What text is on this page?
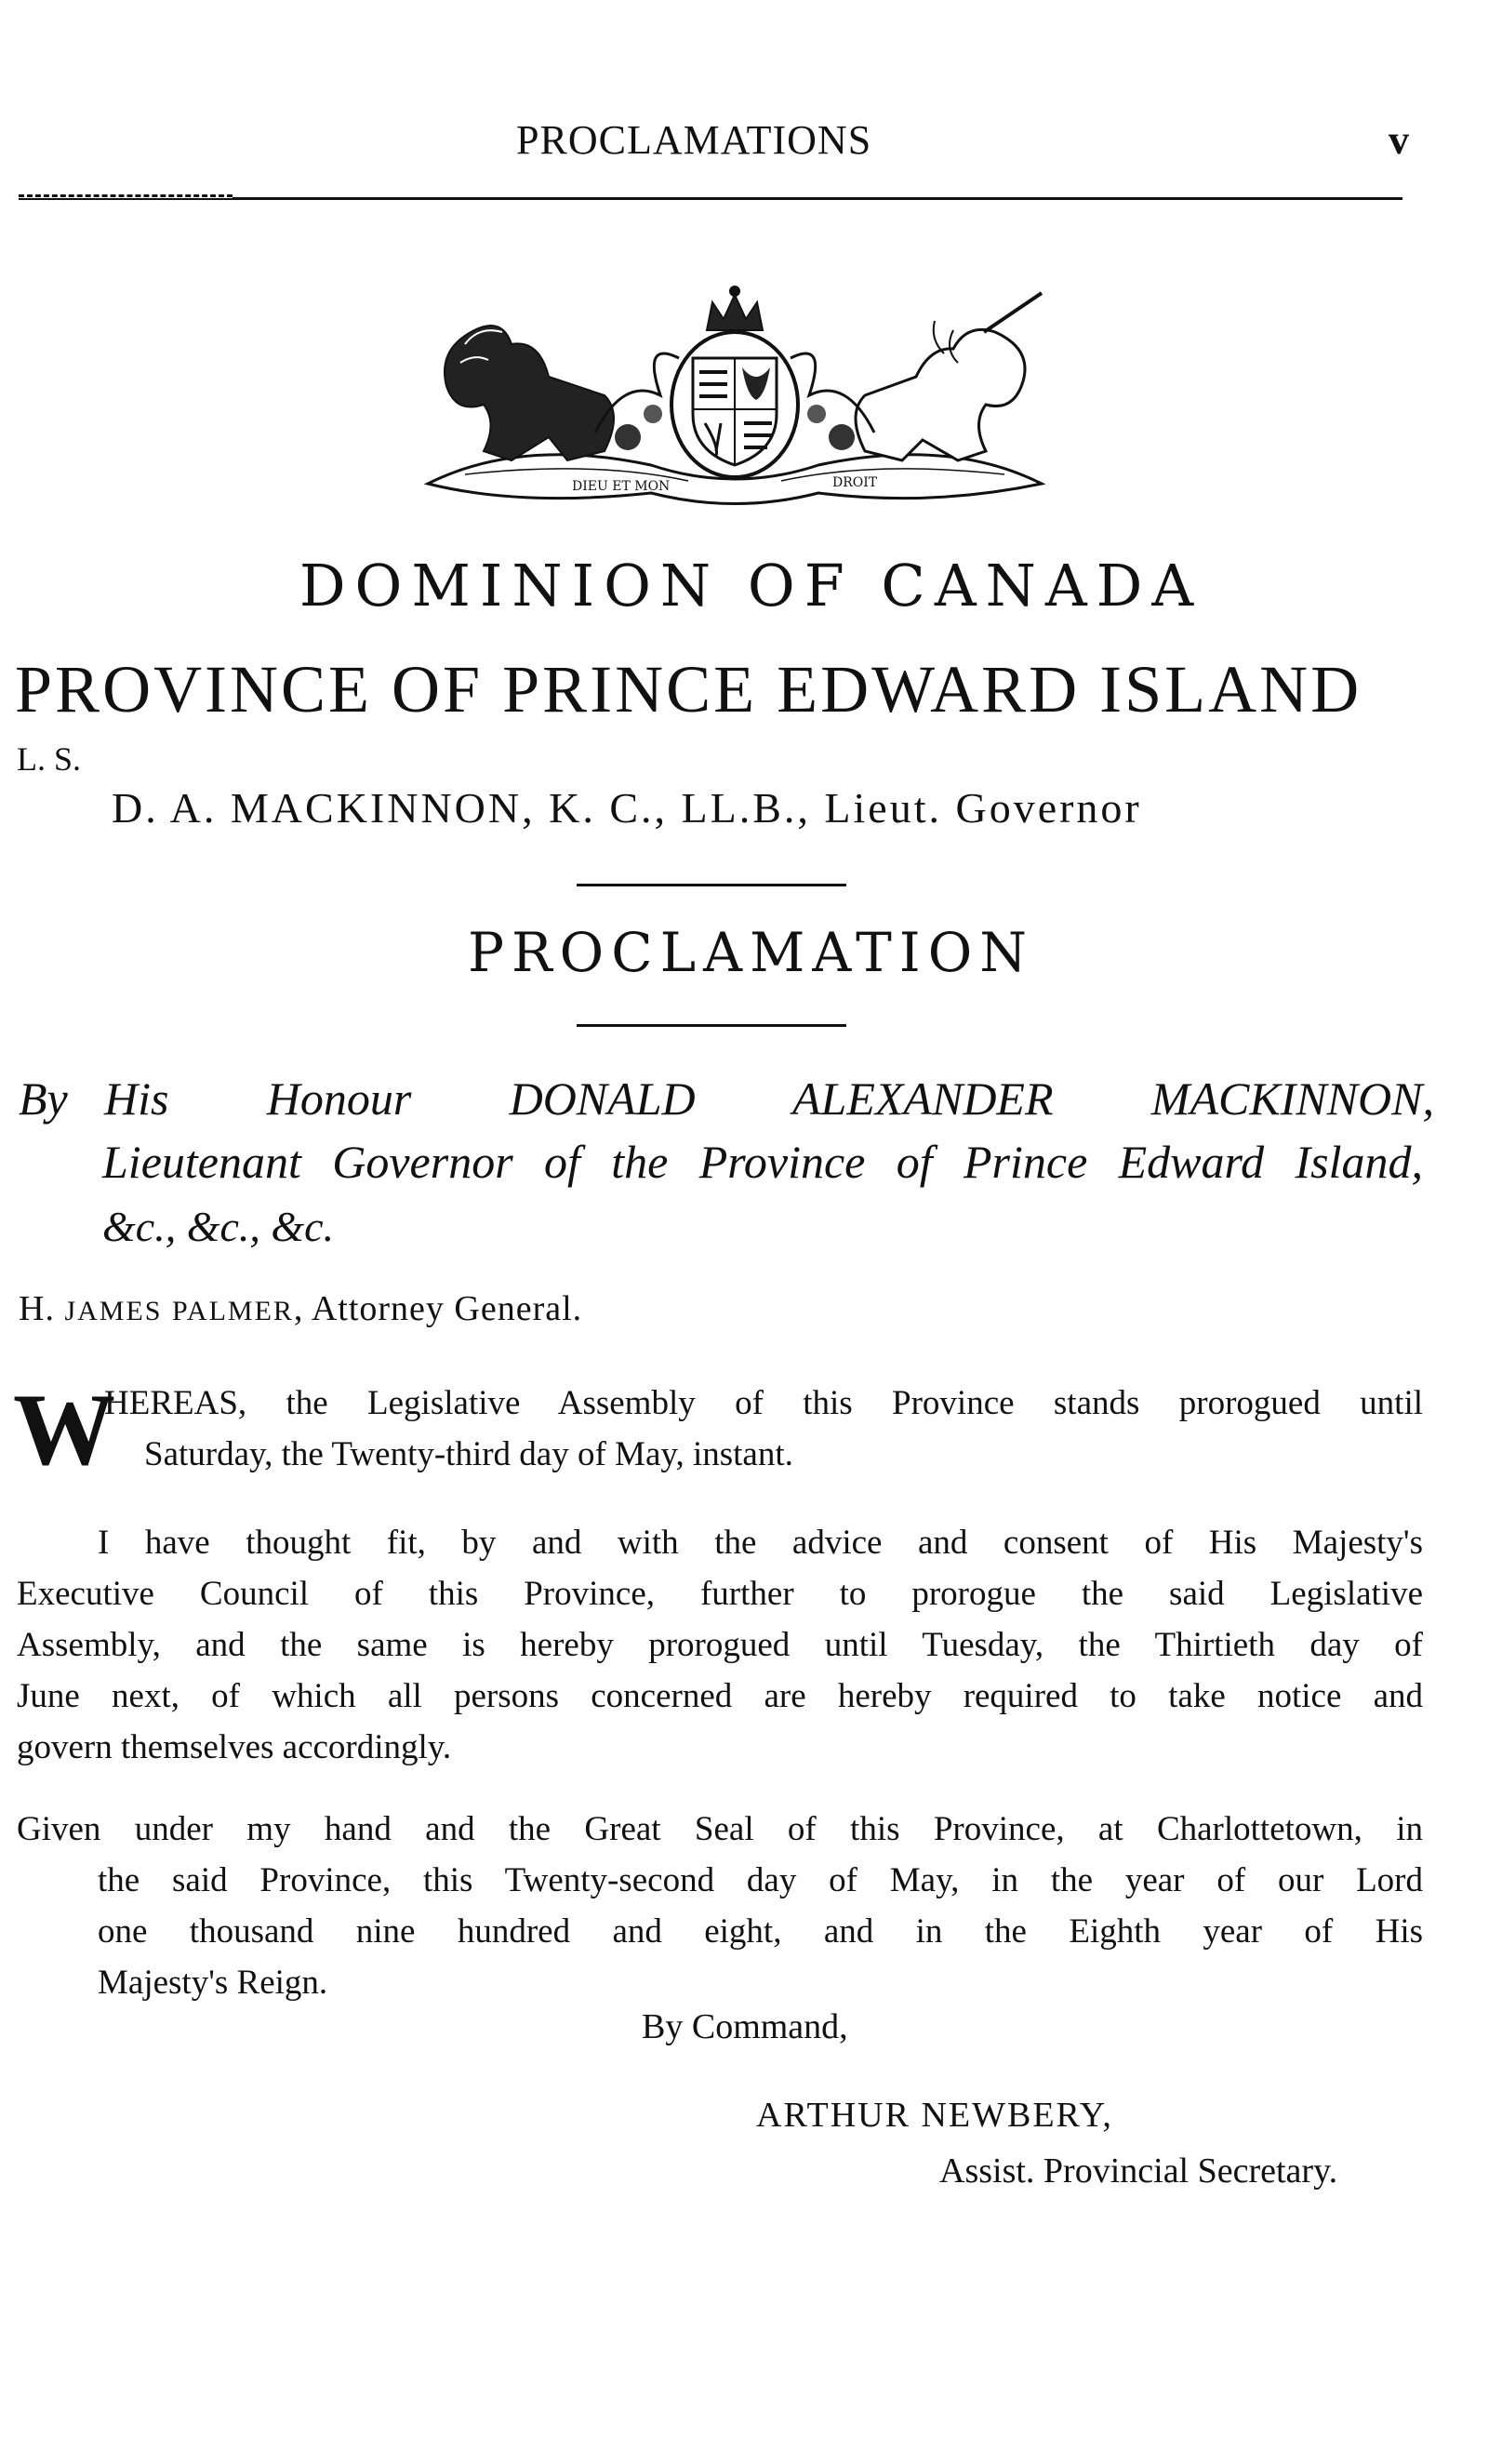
PROCLAMATIONS	v
DIEU ET MON	DROIT
DOMINION OF CANADA
PROVINCE OF PRINCE EDWARD ISLAND
L. S.
D. A. MACKINNON, K. C., LL.B., Lieut. Governor
PROCLAMATION
By His Honour DONALD ALEXANDER MACKINNON,
Lieutenant Governor of the Province of Prince Edward Island,
&c., &c., &c.
H. JAMES PALMER, Attorney General.
W
HEREAS, the Legislative Assembly of this Province stands prorogued until
Saturday, the Twenty-third day of May, instant.
I have thought fit, by and with the advice and consent of His Majesty's
Executive Council of this Province, further to prorogue the said Legislative
Assembly, and the same is hereby prorogued until Tuesday, the Thirtieth day of
June next, of which all persons concerned are hereby required to take notice and
govern themselves accordingly.
Given under my hand and the Great Seal of this Province, at Charlottetown, in
the said Province, this Twenty-second day of May, in the year of our Lord
one thousand nine hundred and eight, and in the Eighth year of His
Majesty's Reign.
By Command,
ARTHUR NEWBERY,
Assist. Provincial Secretary.
